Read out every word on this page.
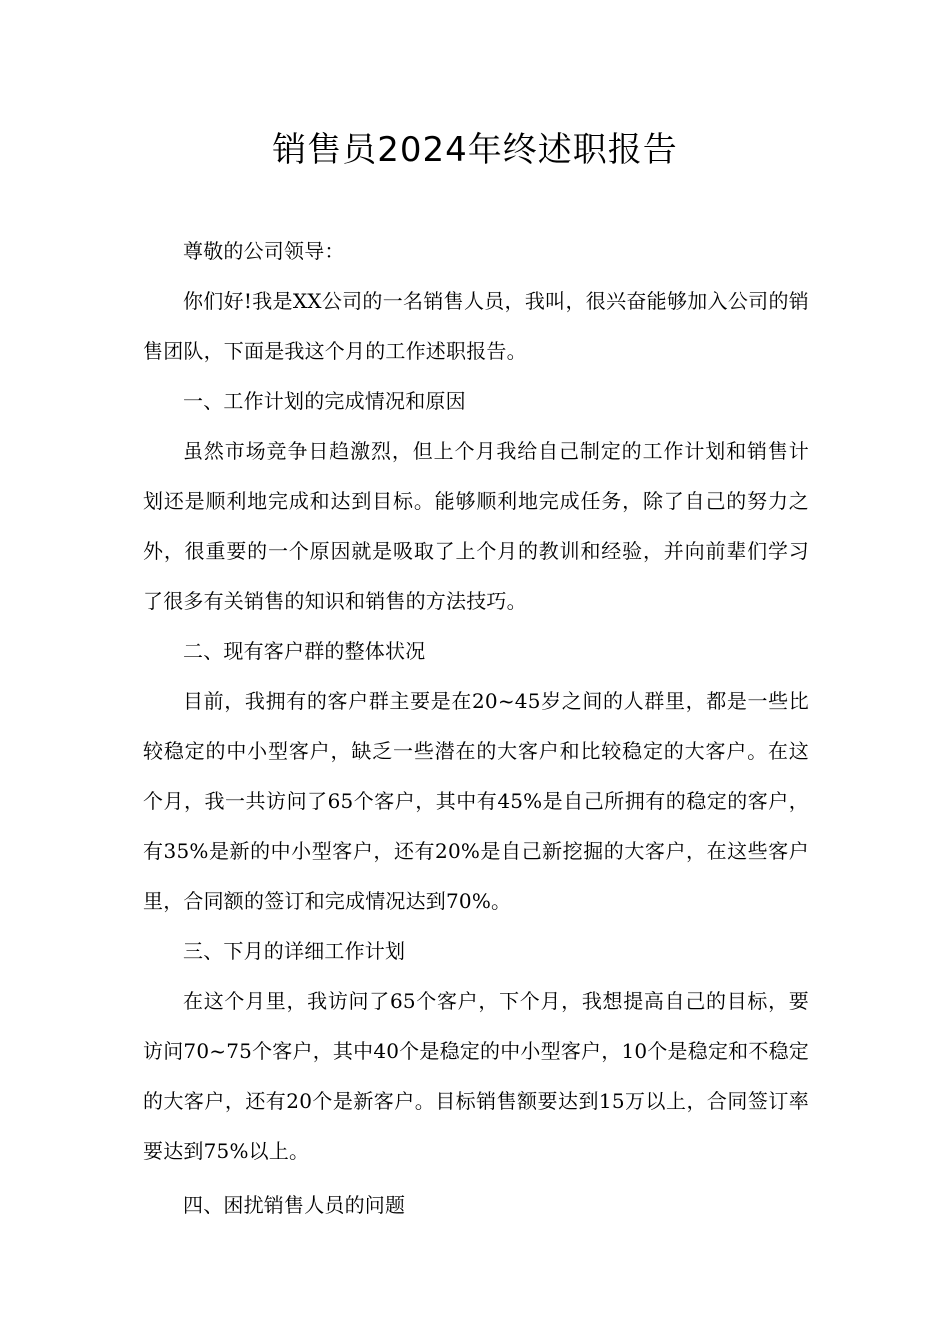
销售员2024年终述职报告

尊敬的公司领导：

你们好!我是XX公司的一名销售人员，我叫，很兴奋能够加入公司的销售团队，下面是我这个月的工作述职报告。

一、工作计划的完成情况和原因

虽然市场竞争日趋激烈，但上个月我给自己制定的工作计划和销售计划还是顺利地完成和达到目标。能够顺利地完成任务，除了自己的努力之外，很重要的一个原因就是吸取了上个月的教训和经验，并向前辈们学习了很多有关销售的知识和销售的方法技巧。

二、现有客户群的整体状况

目前，我拥有的客户群主要是在20~45岁之间的人群里，都是一些比较稳定的中小型客户，缺乏一些潜在的大客户和比较稳定的大客户。在这个月，我一共访问了65个客户，其中有45%是自己所拥有的稳定的客户，有35%是新的中小型客户，还有20%是自己新挖掘的大客户，在这些客户里，合同额的签订和完成情况达到70%。

三、下月的详细工作计划

在这个月里，我访问了65个客户，下个月，我想提高自己的目标，要访问70~75个客户，其中40个是稳定的中小型客户，10个是稳定和不稳定的大客户，还有20个是新客户。目标销售额要达到15万以上，合同签订率要达到75%以上。

四、困扰销售人员的问题
